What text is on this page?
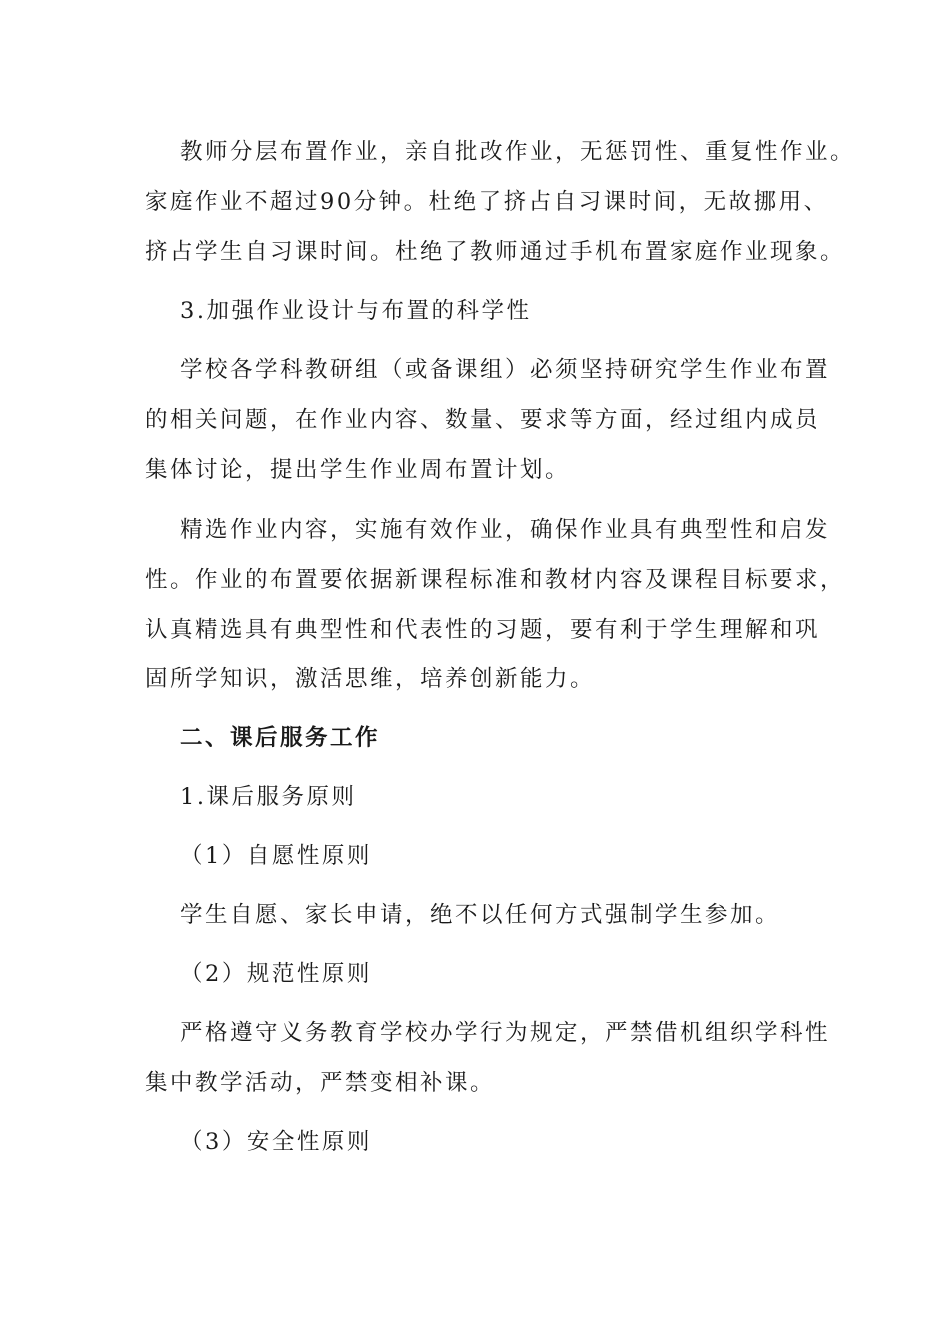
教师分层布置作业，亲自批改作业，无惩罚性、重复性作业。
家庭作业不超过90分钟。杜绝了挤占自习课时间，无故挪用、
挤占学生自习课时间。杜绝了教师通过手机布置家庭作业现象。
3.加强作业设计与布置的科学性
学校各学科教研组（或备课组）必须坚持研究学生作业布置
的相关问题，在作业内容、数量、要求等方面，经过组内成员
集体讨论，提出学生作业周布置计划。
精选作业内容，实施有效作业，确保作业具有典型性和启发
性。作业的布置要依据新课程标准和教材内容及课程目标要求，
认真精选具有典型性和代表性的习题，要有利于学生理解和巩
固所学知识，激活思维，培养创新能力。
二、课后服务工作
1.课后服务原则
（1）自愿性原则
学生自愿、家长申请，绝不以任何方式强制学生参加。
（2）规范性原则
严格遵守义务教育学校办学行为规定，严禁借机组织学科性
集中教学活动，严禁变相补课。
（3）安全性原则
